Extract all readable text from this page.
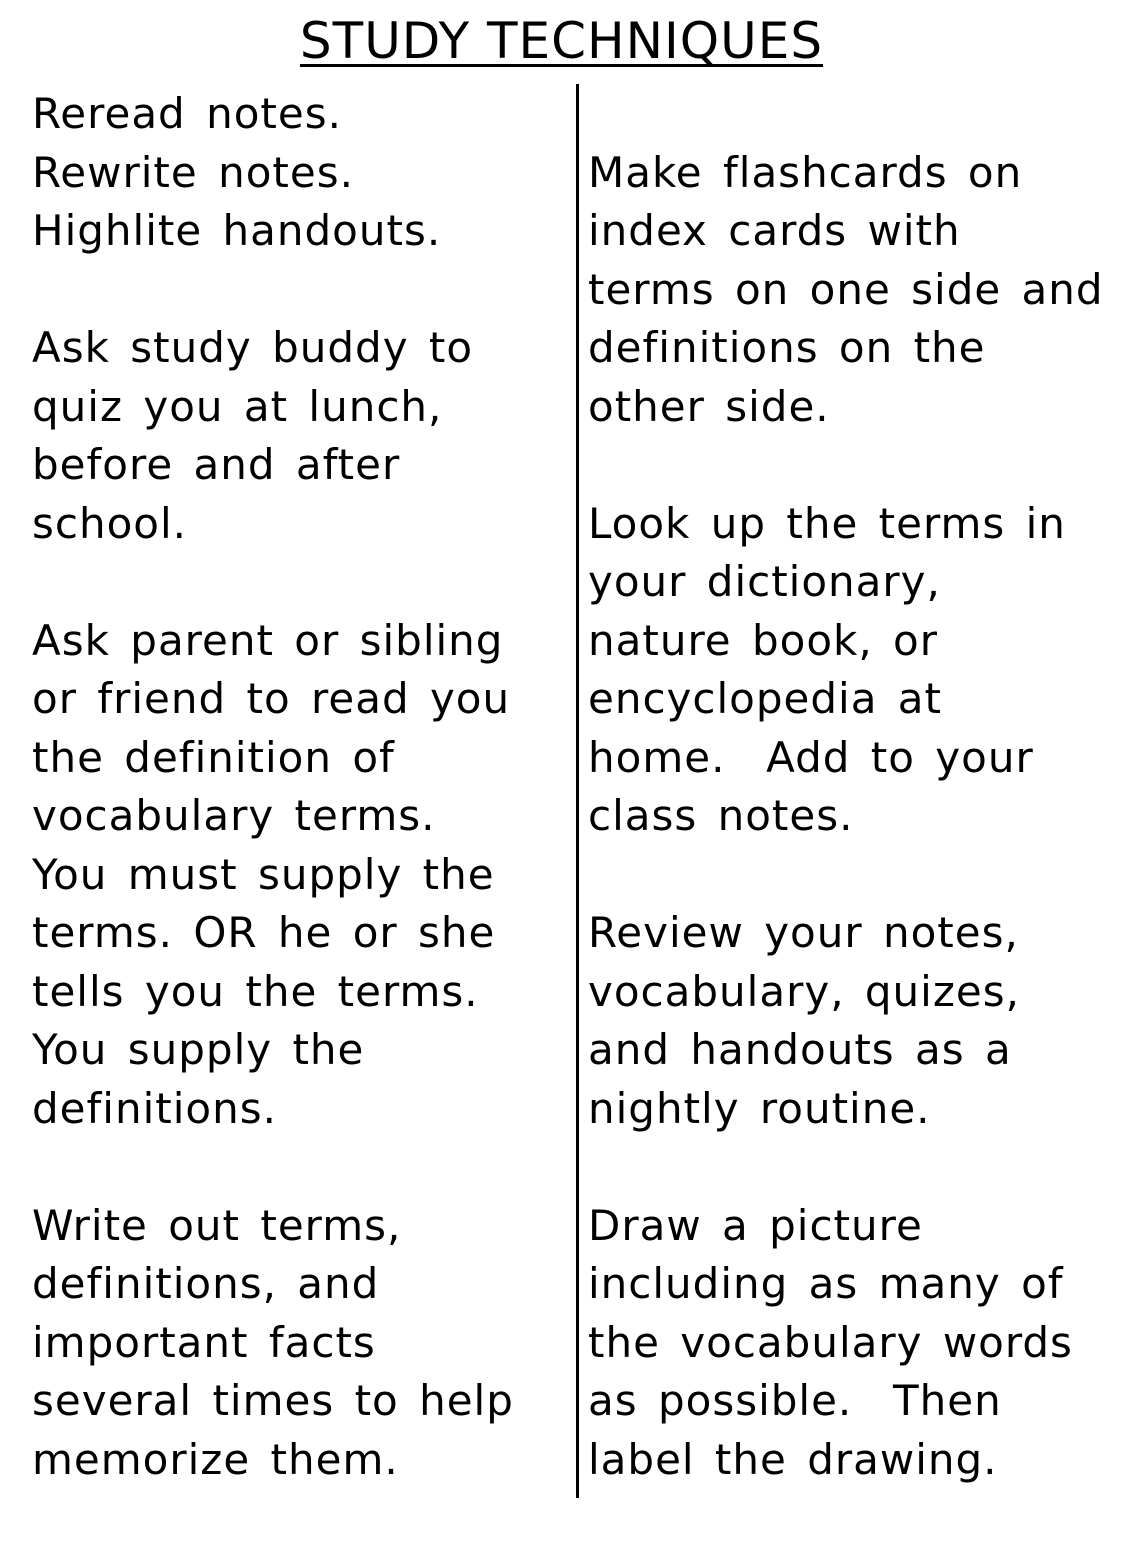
STUDY TECHNIQUES
Reread notes.
Rewrite notes.
Highlite handouts.
Ask study buddy to
quiz you at lunch,
before and after
school.
Ask parent or sibling
or friend to read you
the definition of
vocabulary terms.
You must supply the
terms. OR he or she
tells you the terms.
You supply the
definitions.
Write out terms,
definitions, and
important facts
several times to help
memorize them.
Make flashcards on
index cards with
terms on one side and
definitions on the
other side.
Look up the terms in
your dictionary,
nature book, or
encyclopedia at
home.  Add to your
class notes.
Review your notes,
vocabulary, quizes,
and handouts as a
nightly routine.
Draw a picture
including as many of
the vocabulary words
as possible.  Then
label the drawing.
